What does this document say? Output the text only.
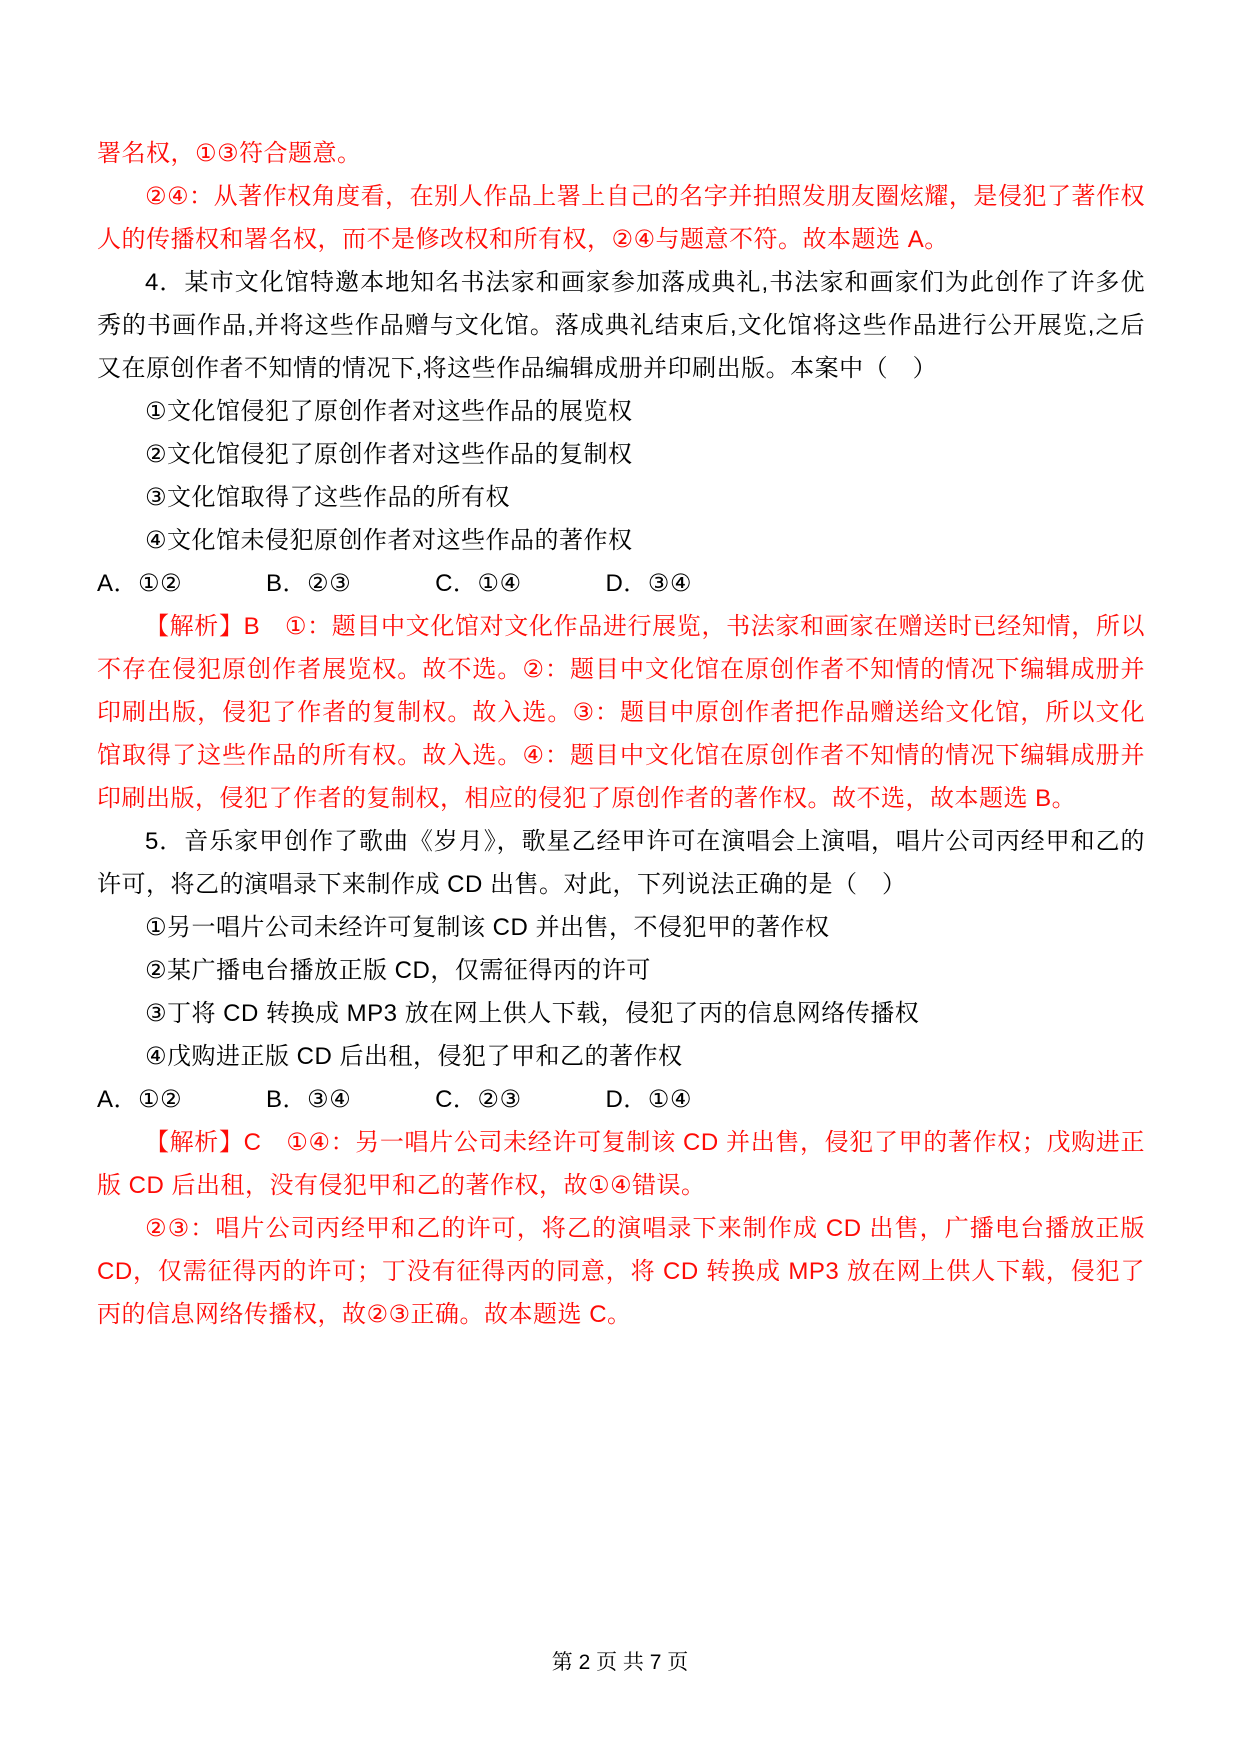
署名权，①③符合题意。

②④：从著作权角度看，在别人作品上署上自己的名字并拍照发朋友圈炫耀，是侵犯了著作权人的传播权和署名权，而不是修改权和所有权，②④与题意不符。故本题选 A。

4．某市文化馆特邀本地知名书法家和画家参加落成典礼,书法家和画家们为此创作了许多优秀的书画作品,并将这些作品赠与文化馆。落成典礼结束后,文化馆将这些作品进行公开展览,之后又在原创作者不知情的情况下,将这些作品编辑成册并印刷出版。本案中（　）

①文化馆侵犯了原创作者对这些作品的展览权

②文化馆侵犯了原创作者对这些作品的复制权

③文化馆取得了这些作品的所有权

④文化馆未侵犯原创作者对这些作品的著作权

A．①②	B．②③	C．①④	D．③④

【解析】B　①：题目中文化馆对文化作品进行展览，书法家和画家在赠送时已经知情，所以不存在侵犯原创作者展览权。故不选。②：题目中文化馆在原创作者不知情的情况下编辑成册并印刷出版，侵犯了作者的复制权。故入选。③：题目中原创作者把作品赠送给文化馆，所以文化馆取得了这些作品的所有权。故入选。④：题目中文化馆在原创作者不知情的情况下编辑成册并印刷出版，侵犯了作者的复制权，相应的侵犯了原创作者的著作权。故不选，故本题选 B。

5．音乐家甲创作了歌曲《岁月》，歌星乙经甲许可在演唱会上演唱，唱片公司丙经甲和乙的许可，将乙的演唱录下来制作成 CD 出售。对此，下列说法正确的是（　）

①另一唱片公司未经许可复制该 CD 并出售，不侵犯甲的著作权

②某广播电台播放正版 CD，仅需征得丙的许可

③丁将 CD 转换成 MP3 放在网上供人下载，侵犯了丙的信息网络传播权

④戊购进正版 CD 后出租，侵犯了甲和乙的著作权

A．①②	B．③④	C．②③	D．①④

【解析】C　①④：另一唱片公司未经许可复制该 CD 并出售，侵犯了甲的著作权；戊购进正版 CD 后出租，没有侵犯甲和乙的著作权，故①④错误。

②③：唱片公司丙经甲和乙的许可，将乙的演唱录下来制作成 CD 出售，广播电台播放正版 CD，仅需征得丙的许可；丁没有征得丙的同意，将 CD 转换成 MP3 放在网上供人下载，侵犯了丙的信息网络传播权，故②③正确。故本题选 C。

第 2 页 共 7 页
